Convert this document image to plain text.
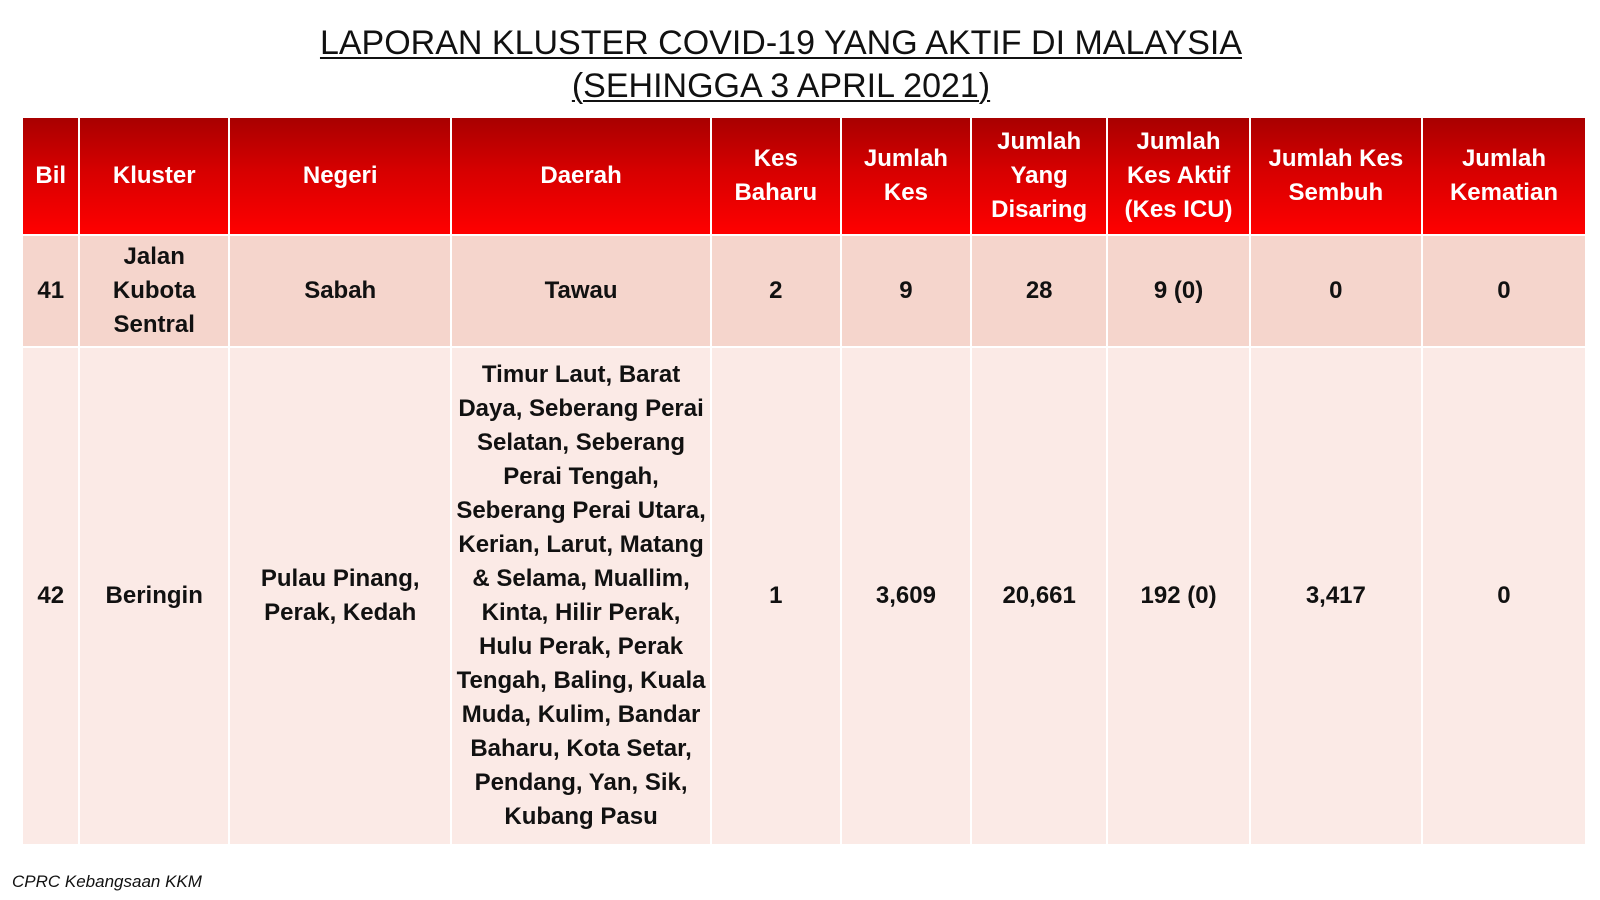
LAPORAN KLUSTER COVID-19 YANG AKTIF DI MALAYSIA
(SEHINGGA 3 APRIL 2021)
Bil	Kluster	Negeri	Daerah	Kes Baharu	Jumlah Kes	Jumlah Yang Disaring	Jumlah Kes Aktif (Kes ICU)	Jumlah Kes Sembuh	Jumlah Kematian
41	Jalan Kubota Sentral	Sabah	Tawau	2	9	28	9 (0)	0	0
42	Beringin	Pulau Pinang, Perak, Kedah	Timur Laut, Barat Daya, Seberang Perai Selatan, Seberang Perai Tengah, Seberang Perai Utara, Kerian, Larut, Matang & Selama, Muallim, Kinta, Hilir Perak, Hulu Perak, Perak Tengah, Baling, Kuala Muda, Kulim, Bandar Baharu, Kota Setar, Pendang, Yan, Sik, Kubang Pasu	1	3,609	20,661	192 (0)	3,417	0
CPRC Kebangsaan KKM
